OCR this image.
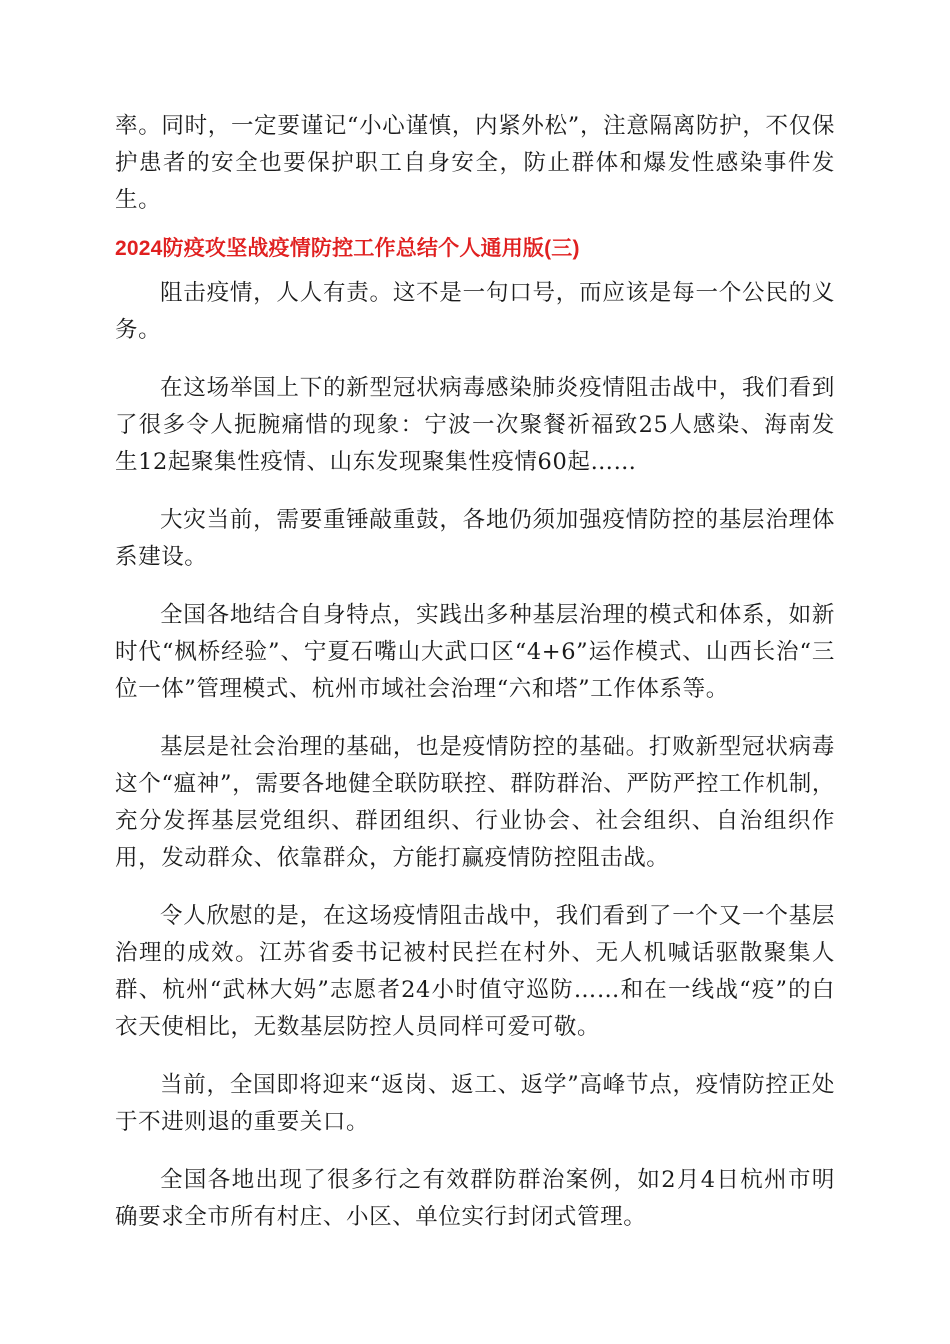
率。同时，一定要谨记“小心谨慎，内紧外松”，注意隔离防护，不仅保护患者的安全也要保护职工自身安全，防止群体和爆发性感染事件发生。

2024防疫攻坚战疫情防控工作总结个人通用版(三)

阻击疫情，人人有责。这不是一句口号，而应该是每一个公民的义务。

在这场举国上下的新型冠状病毒感染肺炎疫情阻击战中，我们看到了很多令人扼腕痛惜的现象：宁波一次聚餐祈福致25人感染、海南发生12起聚集性疫情、山东发现聚集性疫情60起……

大灾当前，需要重锤敲重鼓，各地仍须加强疫情防控的基层治理体系建设。

全国各地结合自身特点，实践出多种基层治理的模式和体系，如新时代“枫桥经验”、宁夏石嘴山大武口区“4+6”运作模式、山西长治“三位一体”管理模式、杭州市域社会治理“六和塔”工作体系等。

基层是社会治理的基础，也是疫情防控的基础。打败新型冠状病毒这个“瘟神”，需要各地健全联防联控、群防群治、严防严控工作机制，充分发挥基层党组织、群团组织、行业协会、社会组织、自治组织作用，发动群众、依靠群众，方能打赢疫情防控阻击战。

令人欣慰的是，在这场疫情阻击战中，我们看到了一个又一个基层治理的成效。江苏省委书记被村民拦在村外、无人机喊话驱散聚集人群、杭州“武林大妈”志愿者24小时值守巡防……和在一线战“疫”的白衣天使相比，无数基层防控人员同样可爱可敬。

当前，全国即将迎来“返岗、返工、返学”高峰节点，疫情防控正处于不进则退的重要关口。

全国各地出现了很多行之有效群防群治案例，如2月4日杭州市明确要求全市所有村庄、小区、单位实行封闭式管理。
